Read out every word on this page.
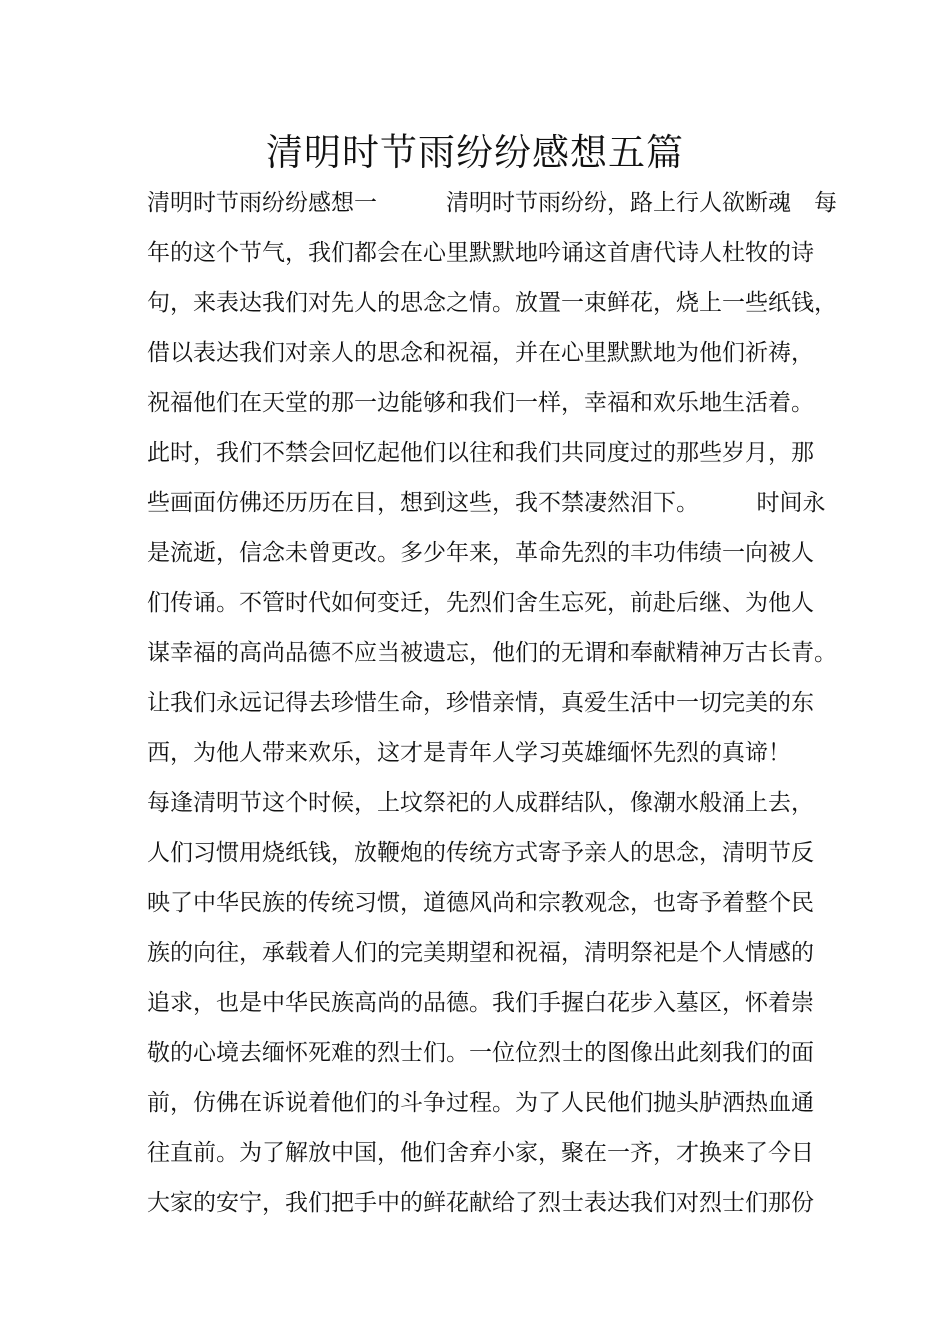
清明时节雨纷纷感想五篇

清明时节雨纷纷感想一　　　清明时节雨纷纷，路上行人欲断魂　每

年的这个节气，我们都会在心里默默地吟诵这首唐代诗人杜牧的诗

句，来表达我们对先人的思念之情。放置一束鲜花，烧上一些纸钱，

借以表达我们对亲人的思念和祝福，并在心里默默地为他们祈祷，

祝福他们在天堂的那一边能够和我们一样，幸福和欢乐地生活着。

此时，我们不禁会回忆起他们以往和我们共同度过的那些岁月，那

些画面仿佛还历历在目，想到这些，我不禁凄然泪下。　　　时间永

是流逝，信念未曾更改。多少年来，革命先烈的丰功伟绩一向被人

们传诵。不管时代如何变迁，先烈们舍生忘死，前赴后继、为他人

谋幸福的高尚品德不应当被遗忘，他们的无谓和奉献精神万古长青。

让我们永远记得去珍惜生命，珍惜亲情，真爱生活中一切完美的东

西，为他人带来欢乐，这才是青年人学习英雄缅怀先烈的真谛！

每逢清明节这个时候，上坟祭祀的人成群结队，像潮水般涌上去，

人们习惯用烧纸钱，放鞭炮的传统方式寄予亲人的思念，清明节反

映了中华民族的传统习惯，道德风尚和宗教观念，也寄予着整个民

族的向往，承载着人们的完美期望和祝福，清明祭祀是个人情感的

追求，也是中华民族高尚的品德。我们手握白花步入墓区，怀着崇

敬的心境去缅怀死难的烈士们。一位位烈士的图像出此刻我们的面

前，仿佛在诉说着他们的斗争过程。为了人民他们抛头胪洒热血通

往直前。为了解放中国，他们舍弃小家，聚在一齐，才换来了今日

大家的安宁，我们把手中的鲜花献给了烈士表达我们对烈士们那份
